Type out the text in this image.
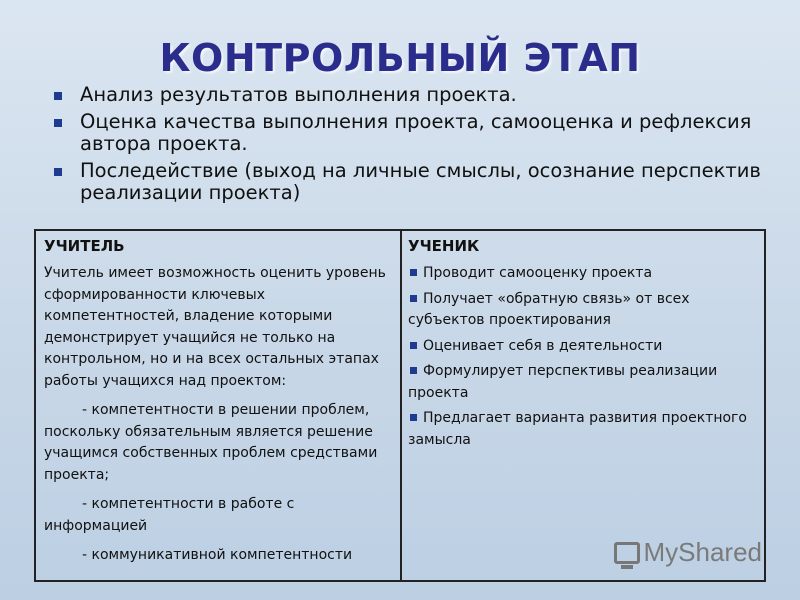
КОНТРОЛЬНЫЙ ЭТАП
Анализ результатов выполнения проекта.
Оценка качества выполнения проекта, самооценка и рефлексия автора проекта.
Последействие (выход на личные смыслы, осознание перспектив реализации проекта)
УЧИТЕЛЬ

Учитель имеет возможность оценить уровень сформированности ключевых компетентностей, владение которыми демонстрирует учащийся не только на контрольном, но и на всех остальных этапах работы учащихся над проектом:

- компетентности в решении проблем, поскольку обязательным является решение учащимся собственных проблем средствами проекта;

- компетентности в работе с информацией

- коммуникативной компетентности

УЧЕНИК
Проводит самооценку проекта
Получает «обратную связь» от всех субъектов проектирования
Оценивает себя в деятельности
Формулирует перспективы реализации проекта
Предлагает варианта развития проектного замысла
MyShared
